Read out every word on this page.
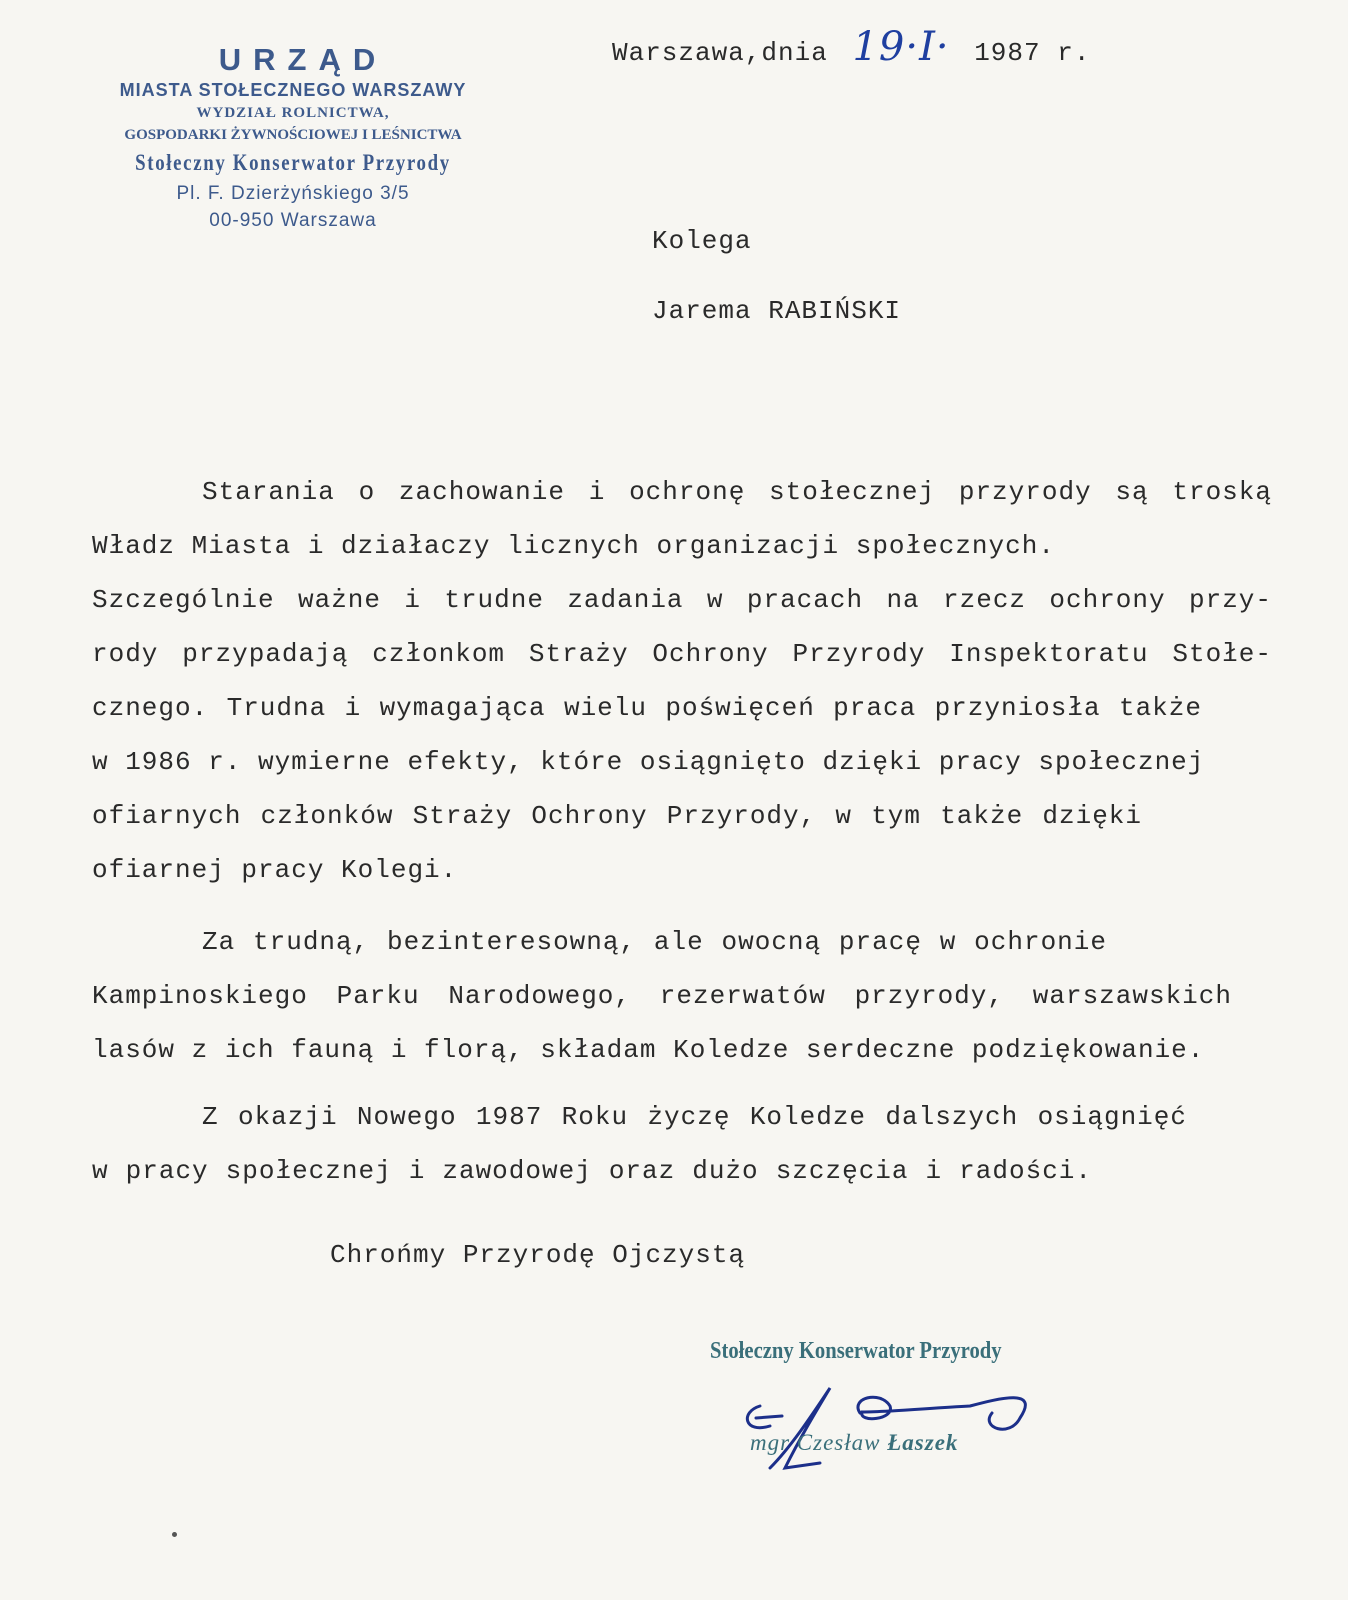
URZĄD
MIASTA STOŁECZNEGO WARSZAWY
WYDZIAŁ ROLNICTWA,
GOSPODARKI ŻYWNOŚCIOWEJ I LEŚNICTWA
Stołeczny Konserwator Przyrody
Pl. F. Dzierżyńskiego 3/5
00-950 Warszawa
Warszawa,dnia 19·I· 1987 r.
Kolega
Jarema RABIŃSKI
Starania o zachowanie i ochronę stołecznej przyrody są troską
Władz Miasta i działaczy licznych organizacji społecznych.
Szczególnie ważne i trudne zadania w pracach na rzecz ochrony przy-
rody przypadają członkom Straży Ochrony Przyrody Inspektoratu Stołe-
cznego. Trudna i wymagająca wielu poświęceń praca przyniosła także
w 1986 r. wymierne efekty, które osiągnięto dzięki pracy społecznej
ofiarnych członków Straży Ochrony Przyrody, w tym także dzięki
ofiarnej pracy Kolegi.
Za trudną, bezinteresowną, ale owocną pracę w ochronie
Kampinoskiego Parku Narodowego, rezerwatów przyrody, warszawskich
lasów z ich fauną i florą, składam Koledze serdeczne podziękowanie.
Z okazji Nowego 1987 Roku życzę Koledze dalszych osiągnięć
w pracy społecznej i zawodowej oraz dużo szczęcia i radości.
Chrońmy Przyrodę Ojczystą
Stołeczny Konserwator Przyrody
mgr Czesław Łaszek
